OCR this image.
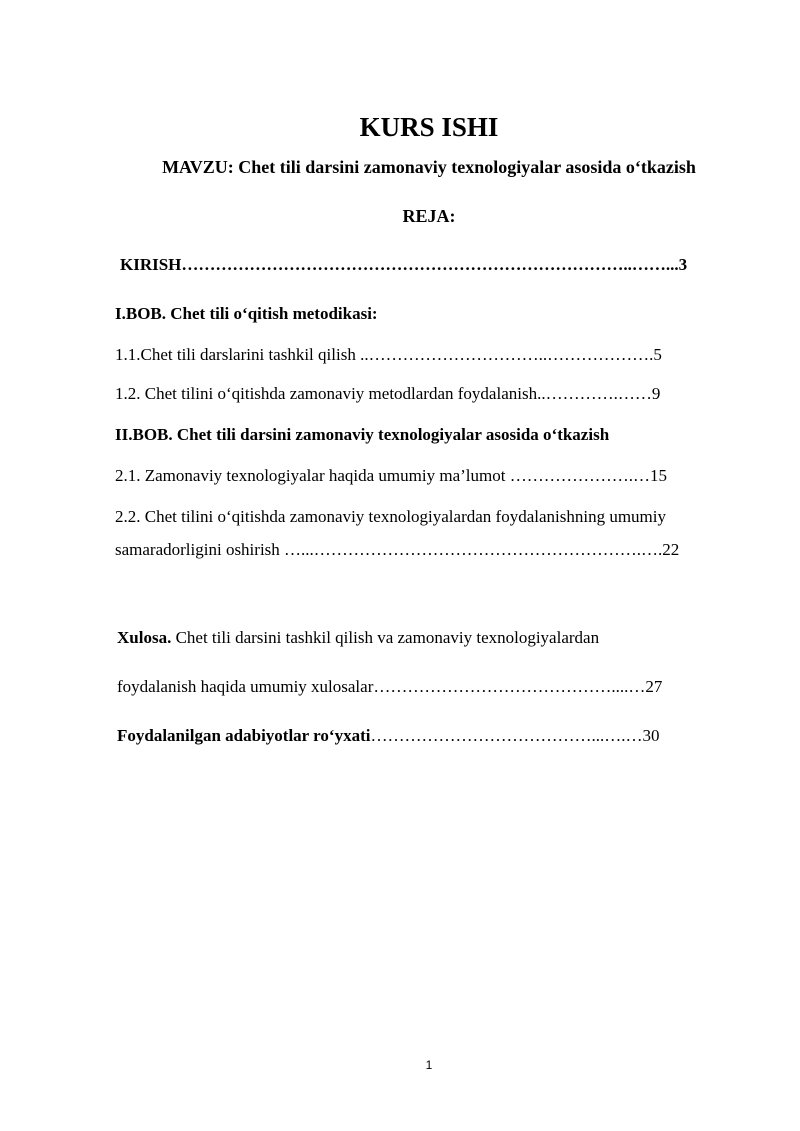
KURS ISHI
MAVZU: Chet tili darsini zamonaviy texnologiyalar asosida o‘tkazish
REJA:
KIRISH……………………………………………………………………..……...3
I.BOB. Chet tili o‘qitish metodikasi:
1.1.Chet tili darslarini tashkil qilish ..…………………………..……………….5
1.2. Chet tilini o‘qitishda zamonaviy metodlardan foydalanish..………….……9
II.BOB. Chet tili darsini zamonaviy texnologiyalar asosida o‘tkazish
2.1. Zamonaviy texnologiyalar haqida umumiy ma’lumot ………………….…15
2.2. Chet tilini o‘qitishda zamonaviy texnologiyalardan foydalanishning umumiy
samaradorligini oshirish …...………………………………………………….….22
Xulosa. Chet tili darsini tashkil qilish va zamonaviy texnologiyalardan
foydalanish haqida umumiy xulosalar……………………………………....…27
Foydalanilgan adabiyotlar ro‘yxati…………………………………...….…30
1
